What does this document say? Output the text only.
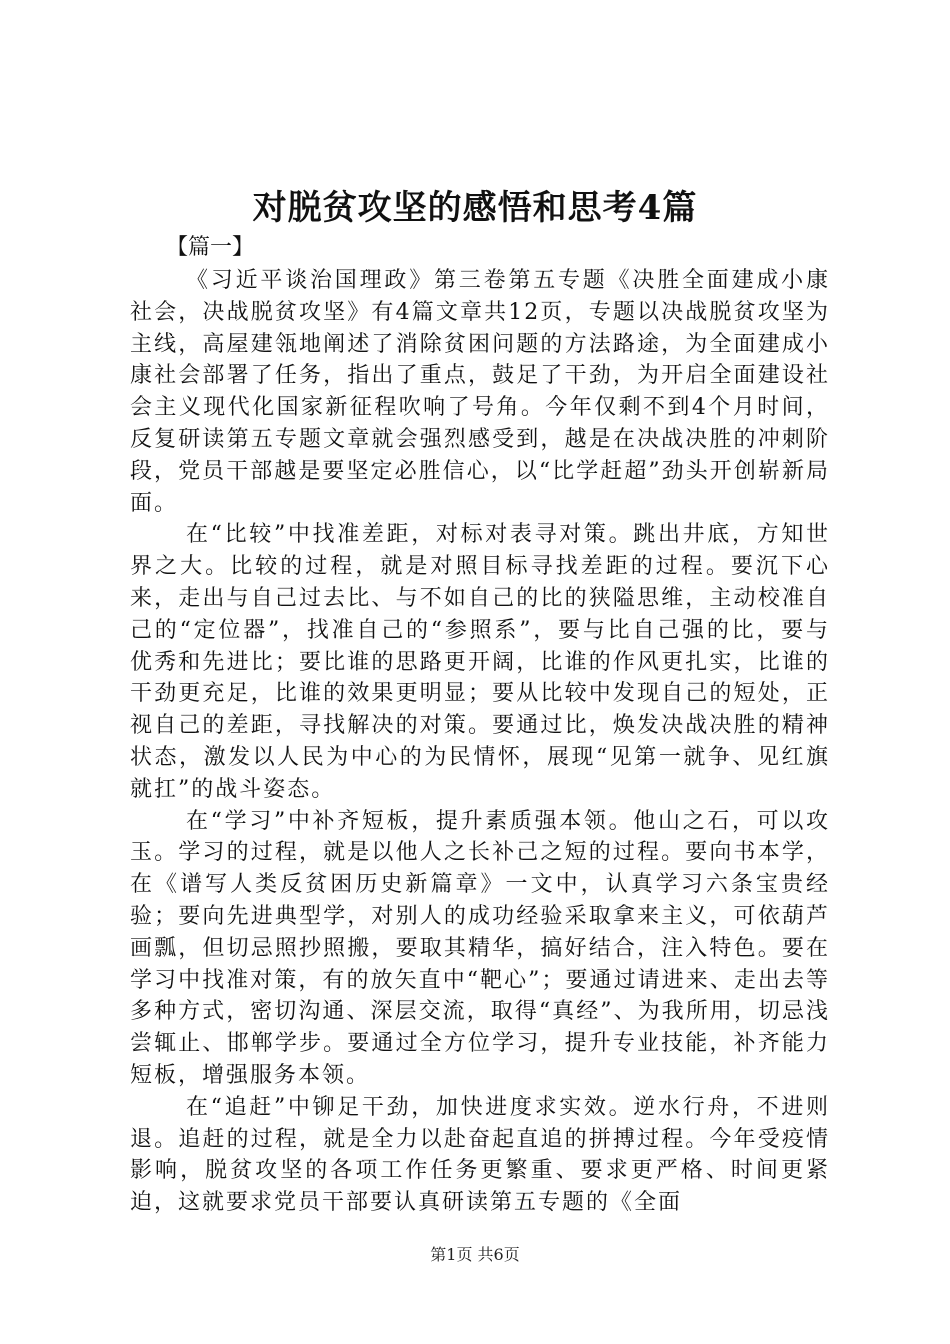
对脱贫攻坚的感悟和思考4篇
【篇一】

《习近平谈治国理政》第三卷第五专题《决胜全面建成小康社会，决战脱贫攻坚》有4篇文章共12页，专题以决战脱贫攻坚为主线，高屋建瓴地阐述了消除贫困问题的方法路途，为全面建成小康社会部署了任务，指出了重点，鼓足了干劲，为开启全面建设社会主义现代化国家新征程吹响了号角。今年仅剩不到4个月时间，反复研读第五专题文章就会强烈感受到，越是在决战决胜的冲刺阶段，党员干部越是要坚定必胜信心，以“比学赶超”劲头开创崭新局面。

在“比较”中找准差距，对标对表寻对策。跳出井底，方知世界之大。比较的过程，就是对照目标寻找差距的过程。要沉下心来，走出与自己过去比、与不如自己的比的狭隘思维，主动校准自己的“定位器”，找准自己的“参照系”，要与比自己强的比，要与优秀和先进比；要比谁的思路更开阔，比谁的作风更扎实，比谁的干劲更充足，比谁的效果更明显；要从比较中发现自己的短处，正视自己的差距，寻找解决的对策。要通过比，焕发决战决胜的精神状态，激发以人民为中心的为民情怀，展现“见第一就争、见红旗就扛”的战斗姿态。

在“学习”中补齐短板，提升素质强本领。他山之石，可以攻玉。学习的过程，就是以他人之长补己之短的过程。要向书本学，在《谱写人类反贫困历史新篇章》一文中，认真学习六条宝贵经验；要向先进典型学，对别人的成功经验采取拿来主义，可依葫芦画瓢，但切忌照抄照搬，要取其精华，搞好结合，注入特色。要在学习中找准对策，有的放矢直中“靶心”；要通过请进来、走出去等多种方式，密切沟通、深层交流，取得“真经”、为我所用，切忌浅尝辄止、邯郸学步。要通过全方位学习，提升专业技能，补齐能力短板，增强服务本领。

在“追赶”中铆足干劲，加快进度求实效。逆水行舟，不进则退。追赶的过程，就是全力以赴奋起直追的拼搏过程。今年受疫情影响，脱贫攻坚的各项工作任务更繁重、要求更严格、时间更紧迫，这就要求党员干部要认真研读第五专题的《全面

第1页 共6页
